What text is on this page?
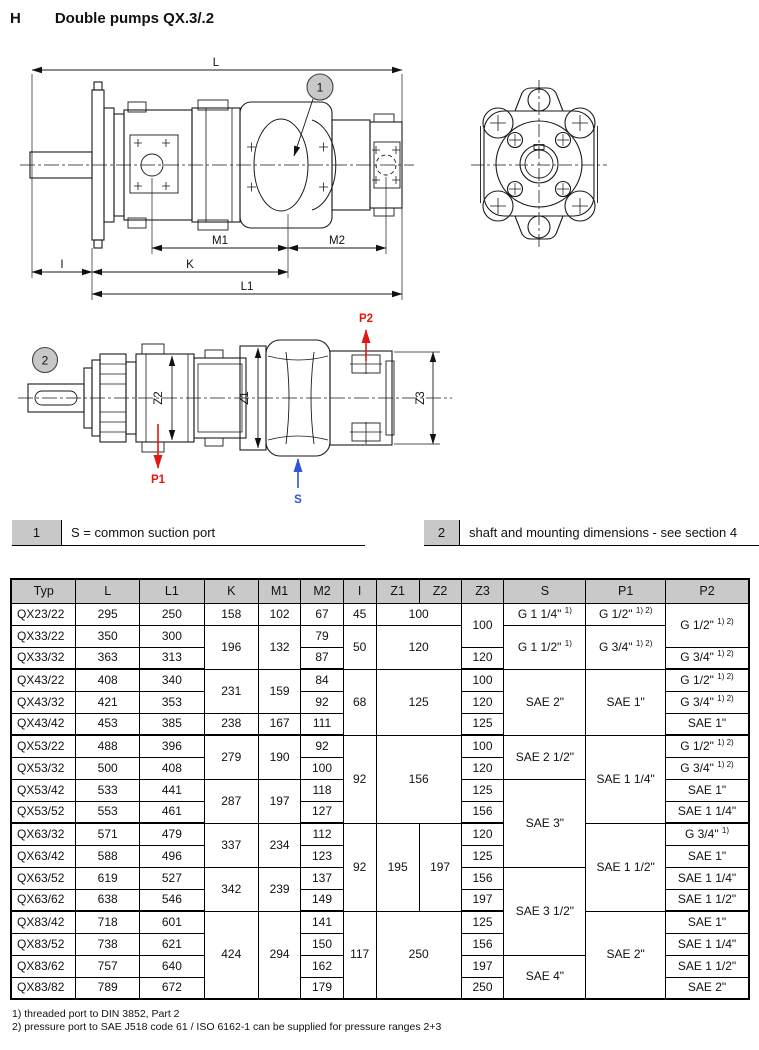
H Double pumps QX.3/.2
1
L
M1	M2
I	K
L1
2
Z2	Z1	Z3
P1
P2
S
1	S = common suction port	2	shaft and mounting dimensions - see section 4
Typ	L	L1	K	M1	M2	I	Z1	Z2	Z3	S	P1	P2
QX23/22	295	250	158	102	67	45	100		100	G 1 1/4" $^{1)}$	G 1/2" $^{1) 2)}$	G 1/2" $^{1) 2)}$
QX33/22	350	300	196	132	79	50	120			G 1 1/2" $^{1)}$	G 3/4" $^{1) 2)}$
QX33/32	363	313			87				120			G 3/4" $^{1) 2)}$
QX43/22	408	340	231	159	84	68	125		100	SAE 2"	SAE 1"	G 1/2" $^{1) 2)}$
QX43/32	421	353			92				120			G 3/4" $^{1) 2)}$
QX43/42	453	385	238	167	111				125			SAE 1"
QX53/22	488	396	279	190	92	92	156		100	SAE 2 1/2"	SAE 1 1/4"	G 1/2" $^{1) 2)}$
QX53/32	500	408			100				120			G 3/4" $^{1) 2)}$
QX53/42	533	441	287	197	118				125	SAE 3"		SAE 1"
QX53/52	553	461			127				156			SAE 1 1/4"
QX63/32	571	479	337	234	112	92	195	197	120		SAE 1 1/2"	G 3/4" $^{1)}$
QX63/42	588	496			123				125			SAE 1"
QX63/52	619	527	342	239	137				156	SAE 3 1/2"		SAE 1 1/4"
QX63/62	638	546			149				197			SAE 1 1/2"
QX83/42	718	601	424	294	141	117	250		125		SAE 2"	SAE 1"
QX83/52	738	621			150				156			SAE 1 1/4"
QX83/62	757	640			162				197	SAE 4"		SAE 1 1/2"
QX83/82	789	672			179				250			SAE 2"
1) threaded port to DIN 3852, Part 2
2) pressure port to SAE J518 code 61 / ISO 6162-1 can be supplied for pressure ranges 2+3
